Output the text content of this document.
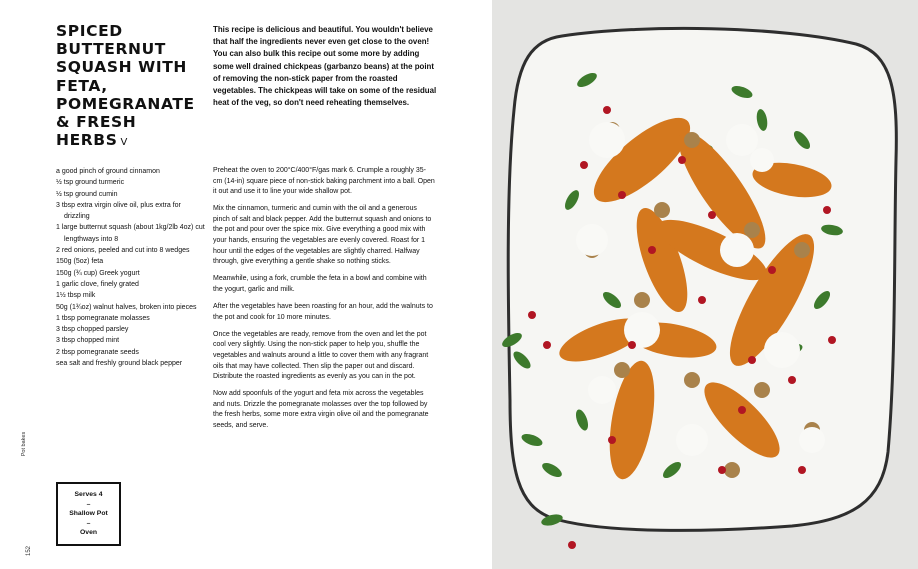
SPICED BUTTERNUT SQUASH WITH FETA, POMEGRANATE & FRESH HERBS V

This recipe is delicious and beautiful. You wouldn't believe that half the ingredients never even get close to the oven! You can also bulk this recipe out some more by adding some well drained chickpeas (garbanzo beans) at the point of removing the non-stick paper from the roasted vegetables. The chickpeas will take on some of the residual heat of the veg, so don't need reheating themselves.

a good pinch of ground cinnamon
½ tsp ground turmeric
½ tsp ground cumin
3 tbsp extra virgin olive oil, plus extra for drizzling
1 large butternut squash (about 1kg/2lb 4oz) cut lengthways into 8
2 red onions, peeled and cut into 8 wedges
150g (5oz) feta
150g (¾ cup) Greek yogurt
1 garlic clove, finely grated
1½ tbsp milk
50g (1¾oz) walnut halves, broken into pieces
1 tbsp pomegranate molasses
3 tbsp chopped parsley
3 tbsp chopped mint
2 tbsp pomegranate seeds
sea salt and freshly ground black pepper

Preheat the oven to 200°C/400°F/gas mark 6. Crumple a roughly 35-cm (14-in) square piece of non-stick baking parchment into a ball. Open it out and use it to line your wide shallow pot.

Mix the cinnamon, turmeric and cumin with the oil and a generous pinch of salt and black pepper. Add the butternut squash and onions to the pot and pour over the spice mix. Give everything a good mix with your hands, ensuring the vegetables are evenly covered. Roast for 1 hour until the edges of the vegetables are slightly charred. Halfway through, give everything a gentle shake so nothing sticks.

Meanwhile, using a fork, crumble the feta in a bowl and combine with the yogurt, garlic and milk.

After the vegetables have been roasting for an hour, add the walnuts to the pot and cook for 10 more minutes.

Once the vegetables are ready, remove from the oven and let the pot cool very slightly. Using the non-stick paper to help you, shuffle the vegetables and walnuts around a little to cover them with any fragrant oils that may have collected. Then slip the paper out and discard. Distribute the roasted ingredients as evenly as you can in the pot.

Now add spoonfuls of the yogurt and feta mix across the vegetables and nuts. Drizzle the pomegranate molasses over the top followed by the fresh herbs, some more extra virgin olive oil and the pomegranate seeds, and serve.

Serves 4
–
Shallow Pot
–
Oven
Pot bakes
152
